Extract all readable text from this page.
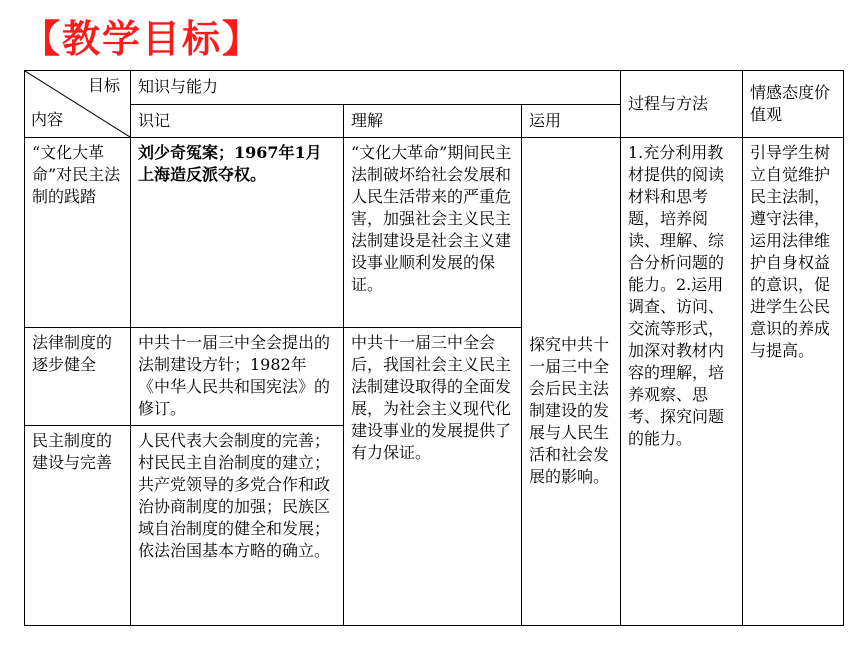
【教学目标】
目标
内容	知识与能力			过程与方法	情感态度价值观
	识记	理解	运用		
“文化大革命”对民主法制的践踏	刘少奇冤案；1967年1月上海造反派夺权。	“文化大革命”期间民主法制破坏给社会发展和人民生活带来的严重危害，加强社会主义民主法制建设是社会主义建设事业顺利发展的保证。	探究中共十一届三中全会后民主法制建设的发展与人民生活和社会发展的影响。	1.充分利用教材提供的阅读材料和思考题，培养阅读、理解、综合分析问题的能力。2.运用调查、访问、交流等形式，加深对教材内容的理解，培养观察、思考、探究问题的能力。	引导学生树立自觉维护民主法制，遵守法律，运用法律维护自身权益的意识，促进学生公民意识的养成与提高。
法律制度的逐步健全	中共十一届三中全会提出的法制建设方针；1982年《中华人民共和国宪法》的修订。	中共十一届三中全会后，我国社会主义民主法制建设取得的全面发展，为社会主义现代化建设事业的发展提供了有力保证。			
民主制度的建设与完善	人民代表大会制度的完善；村民民主自治制度的建立；共产党领导的多党合作和政治协商制度的加强；民族区域自治制度的健全和发展；依法治国基本方略的确立。				
